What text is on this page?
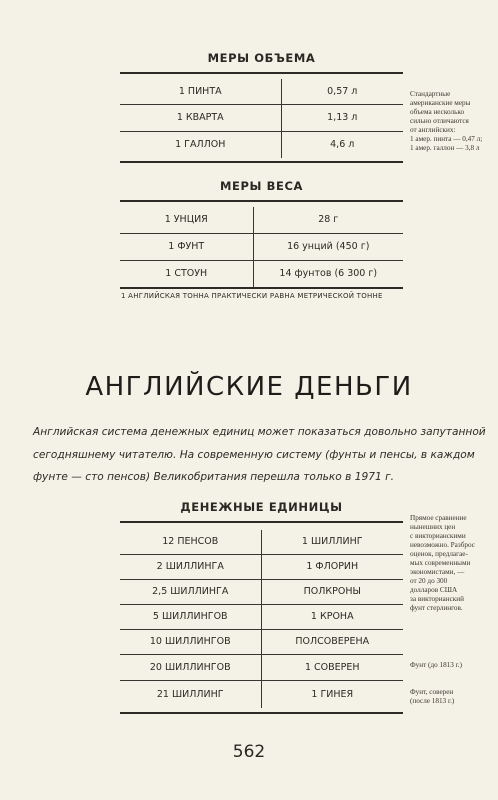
МЕРЫ ОБЪЕМА
1 ПИНТА	0,57 л
1 КВАРТА	1,13 л
1 ГАЛЛОН	4,6 л
Стандартные
американские меры
объема несколько
сильно отличаются
от английских:
1 амер. пинта — 0,47 л;
1 амер. галлон — 3,8 л
МЕРЫ ВЕСА
1 УНЦИЯ	28 г
1 ФУНТ	16 унций (450 г)
1 СТОУН	14 фунтов (6 300 г)
1 АНГЛИЙСКАЯ ТОННА ПРАКТИЧЕСКИ РАВНА МЕТРИЧЕСКОЙ ТОННЕ
АНГЛИЙСКИЕ ДЕНЬГИ
Английская система денежных единиц может показаться довольно запутанной
сегодняшнему читателю. На современную систему (фунты и пенсы, в каждом
фунте — сто пенсов) Великобритания перешла только в 1971 г.
ДЕНЕЖНЫЕ ЕДИНИЦЫ
12 ПЕНСОВ	1 ШИЛЛИНГ
2 ШИЛЛИНГА	1 ФЛОРИН
2,5 ШИЛЛИНГА	ПОЛКРОНЫ
5 ШИЛЛИНГОВ	1 КРОНА
10 ШИЛЛИНГОВ	ПОЛСОВЕРЕНА
20 ШИЛЛИНГОВ	1 СОВЕРЕН
21 ШИЛЛИНГ	1 ГИНЕЯ
Прямое сравнение
нынешних цен
с викторианскими
невозможно. Разброс
оценок, предлагае-
мых современными
экономистами, —
от 20 до 300
долларов США
за викторианский
фунт стерлингов.
Фунт (до 1813 г.)
Фунт, соверен
(после 1813 г.)
562
